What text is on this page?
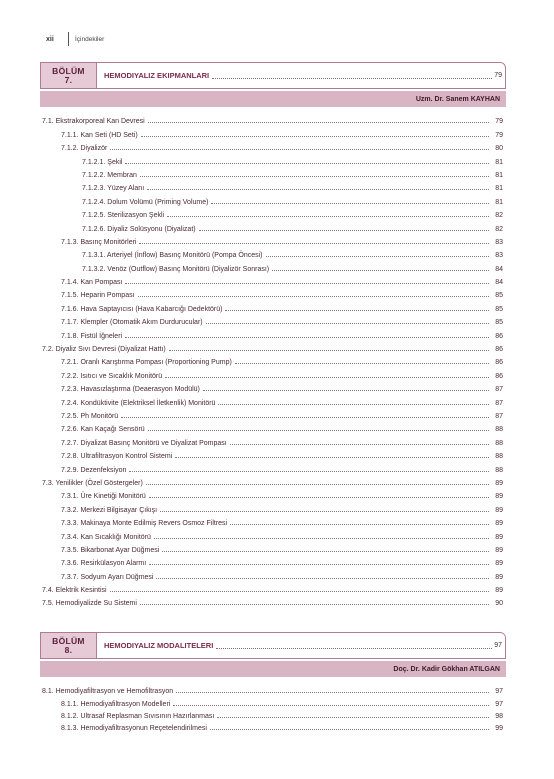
xii	İçindekiler
BÖLÜM
7.	HEMODIYALIZ EKIPMANLARI	79
Uzm. Dr. Sanem KAYHAN
7.1. Ekstrakorporeal Kan Devresi	79
7.1.1. Kan Seti (HD Seti)	79
7.1.2. Diyalizör	80
7.1.2.1. Şekil	81
7.1.2.2. Membran	81
7.1.2.3. Yüzey Alanı	81
7.1.2.4. Dolum Volümü (Priming Volume)	81
7.1.2.5. Sterilizasyon Şekli	82
7.1.2.6. Diyaliz Solüsyonu (Diyalizat)	82
7.1.3. Basınç Monitörleri	83
7.1.3.1. Arteriyel (İnflow) Basınç Monitörü (Pompa Öncesi)	83
7.1.3.2. Venöz (Outflow) Basınç Monitörü (Diyalizör Sonrası)	84
7.1.4. Kan Pompası	84
7.1.5. Heparin Pompası	85
7.1.6. Hava Saptayıcısı (Hava Kabarcığı Dedektörü)	85
7.1.7. Klempler (Otomatik Akım Durdurucular)	85
7.1.8. Fistül İğneleri	86
7.2. Diyaliz Sıvı Devresi (Diyalizat Hattı)	86
7.2.1. Oranlı Karıştırma Pompası (Proportioning Pump)	86
7.2.2. Isıtıcı ve Sıcaklık Monitörü	86
7.2.3. Havasızlaştırma (Deaerasyon Modülü)	87
7.2.4. Kondüktivite (Elektriksel İletkenlik) Monitörü	87
7.2.5. Ph Monitörü	87
7.2.6. Kan Kaçağı Sensörü	88
7.2.7. Diyalizat Basınç Monitörü ve Diyalizat Pompası	88
7.2.8. Ultrafiltrasyon Kontrol Sistemi	88
7.2.9. Dezenfeksiyon	88
7.3. Yenilikler (Özel Göstergeler)	89
7.3.1. Üre Kinetiği Monitörü	89
7.3.2. Merkezi Bilgisayar Çıkışı	89
7.3.3. Makinaya Monte Edilmiş Revers Osmoz Filtresi	89
7.3.4. Kan Sıcaklığı Monitörü	89
7.3.5. Bikarbonat Ayar Düğmesi	89
7.3.6. Resirkülasyon Alarmı	89
7.3.7. Sodyum Ayarı Düğmesi	89
7.4. Elektrik Kesintisi	89
7.5. Hemodiyalizde Su Sistemi	90
BÖLÜM
8.	HEMODIYALIZ MODALITELERI	97
Doç. Dr. Kadir Gökhan ATILGAN
8.1. Hemodiyafiltrasyon ve Hemofiltrasyon	97
8.1.1. Hemodiyafiltrasyon Modelleri	97
8.1.2. Ultrasaf Replasman Sıvısının Hazırlanması	98
8.1.3. Hemodiyafiltrasyonun Reçetelendirilmesi	99
